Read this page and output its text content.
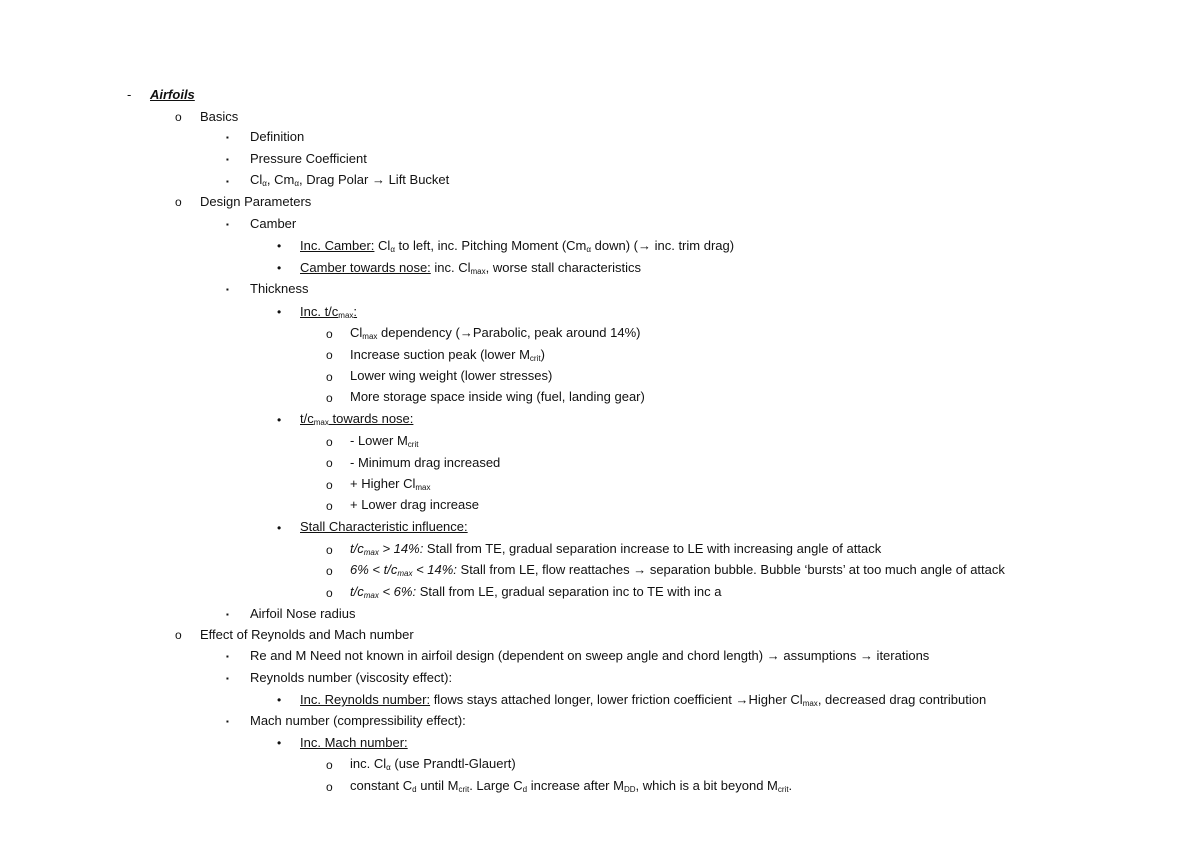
- Airfoils
o Basics
▪ Definition
▪ Pressure Coefficient
▪ $Cl_\alpha$, $Cm_\alpha$, Drag Polar → Lift Bucket
o Design Parameters
▪ Camber
• Inc. Camber: $Cl_\alpha$ to left, inc. Pitching Moment ($Cm_\alpha$ down) (→ inc. trim drag)
• Camber towards nose: inc. $Cl_{max}$, worse stall characteristics
▪ Thickness
• Inc. $t/c_{max}$:
o $Cl_{max}$ dependency (→Parabolic, peak around 14%)
o Increase suction peak (lower $M_{crit}$)
o Lower wing weight (lower stresses)
o More storage space inside wing (fuel, landing gear)
• $t/c_{max}$ towards nose:
o - Lower $M_{crit}$
o - Minimum drag increased
o + Higher $Cl_{max}$
o + Lower drag increase
• Stall Characteristic influence:
o $t/c_{max} > 14\%$: Stall from TE, gradual separation increase to LE with increasing angle of attack
o $6\% < t/c_{max} < 14\%$: Stall from LE, flow reattaches → separation bubble. Bubble ‘bursts’ at too much angle of attack
o $t/c_{max} < 6\%$: Stall from LE, gradual separation inc to TE with inc a
▪ Airfoil Nose radius
o Effect of Reynolds and Mach number
▪ Re and M Need not known in airfoil design (dependent on sweep angle and chord length) → assumptions → iterations
▪ Reynolds number (viscosity effect):
• Inc. Reynolds number: flows stays attached longer, lower friction coefficient →Higher $Cl_{max}$, decreased drag contribution
▪ Mach number (compressibility effect):
• Inc. Mach number:
o inc. $Cl_\alpha$ (use Prandtl-Glauert)
o constant $C_d$ until $M_{crit}$. Large $C_d$ increase after $M_{DD}$, which is a bit beyond $M_{crit}$.
